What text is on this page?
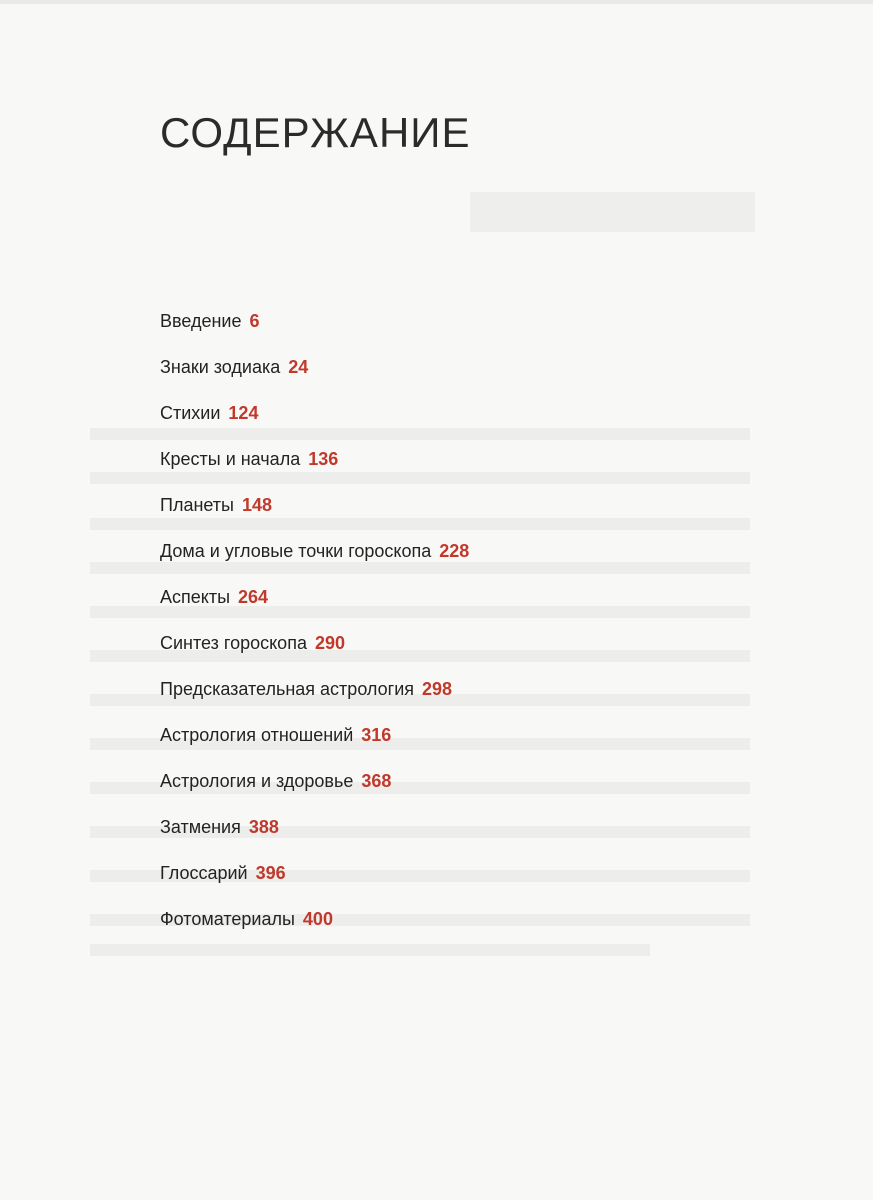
СОДЕРЖАНИЕ
Введение 6
Знаки зодиака 24
Стихии 124
Кресты и начала 136
Планеты 148
Дома и угловые точки гороскопа 228
Аспекты 264
Синтез гороскопа 290
Предсказательная астрология 298
Астрология отношений 316
Астрология и здоровье 368
Затмения 388
Глоссарий 396
Фотоматериалы 400
